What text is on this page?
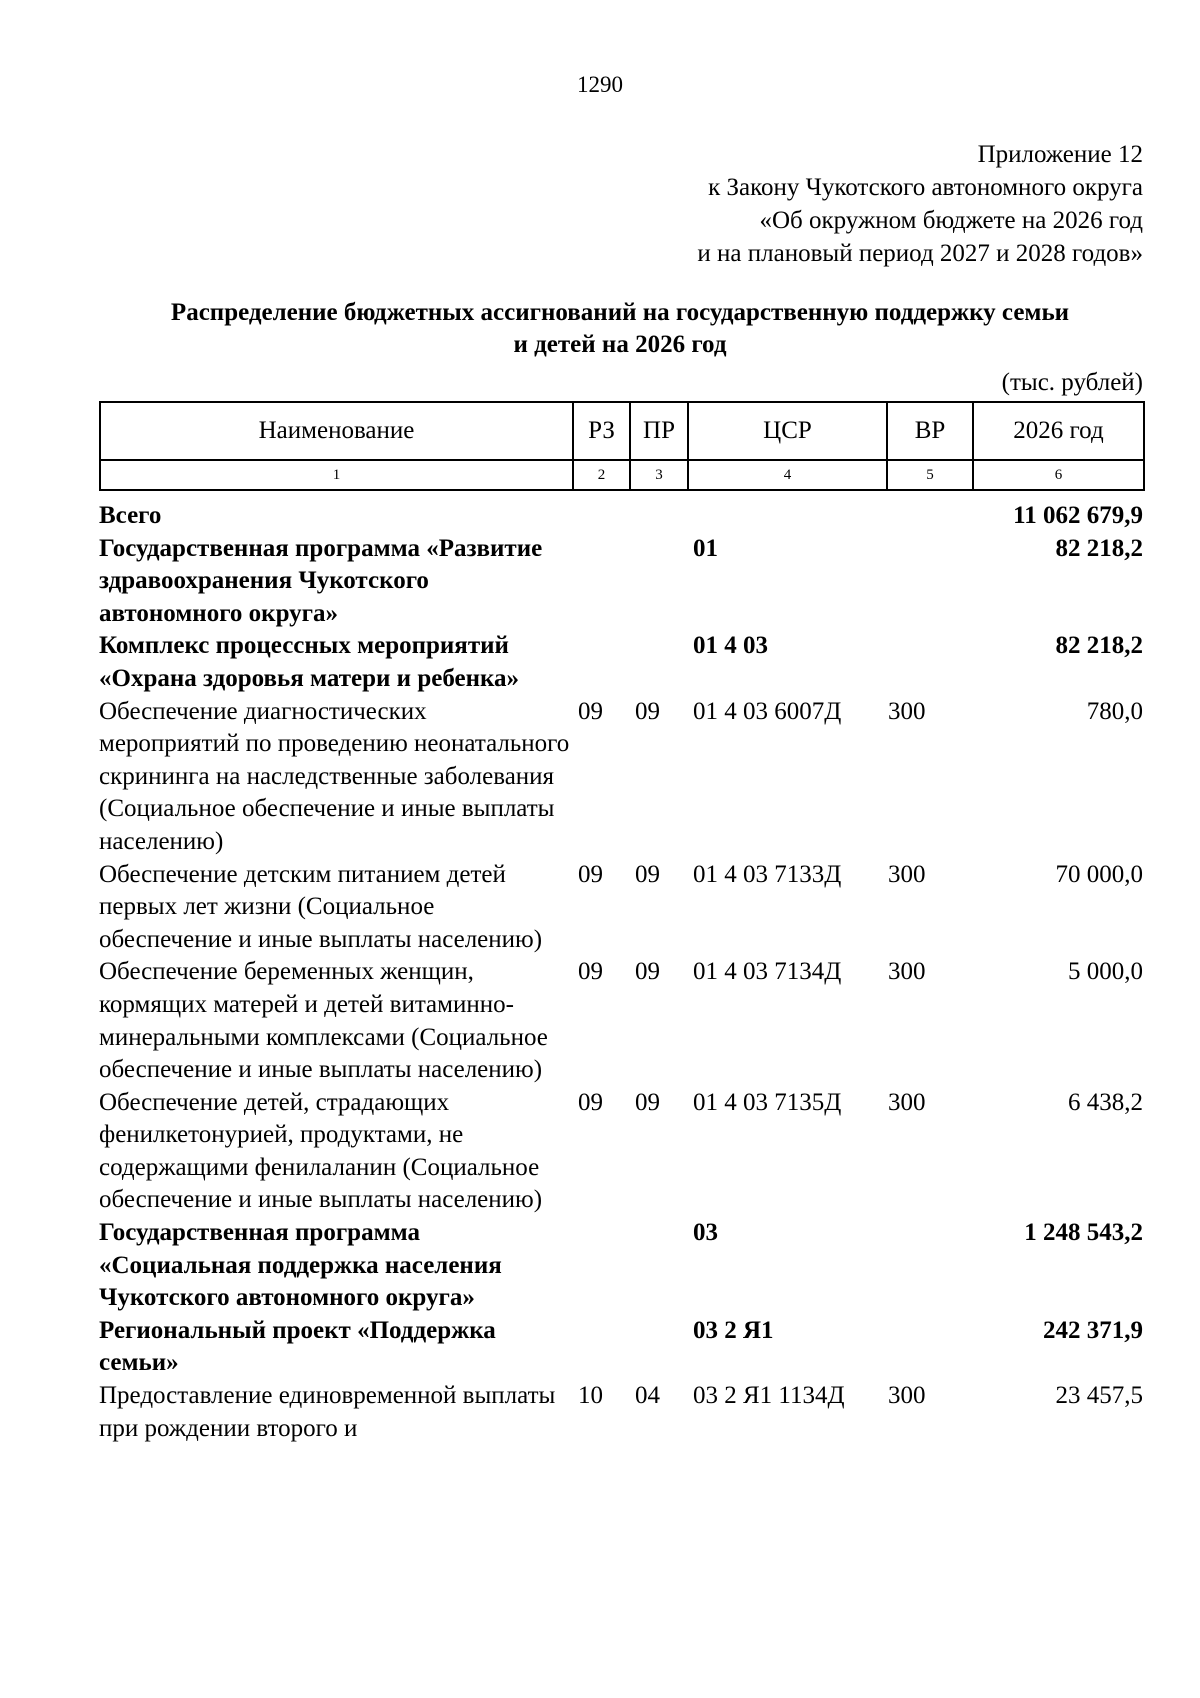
1290
Приложение 12
к Закону Чукотского автономного округа
«Об окружном бюджете на 2026 год
и на плановый период 2027 и 2028 годов»
Распределение бюджетных ассигнований на государственную поддержку семьи
и детей на 2026 год
(тыс. рублей)
Наименование	РЗ	ПР	ЦСР	ВР	2026 год
1	2	3	4	5	6
Всего					11 062 679,9
Государственная программа «Развитие здравоохранения Чукотского автономного округа»			01		82 218,2
Комплекс процессных мероприятий «Охрана здоровья матери и ребенка»			01 4 03		82 218,2
Обеспечение диагностических мероприятий по проведению неонатального скрининга на наследственные заболевания (Социальное обеспечение и иные выплаты населению)	09	09	01 4 03 6007Д	300	780,0
Обеспечение детским питанием детей первых лет жизни (Социальное обеспечение и иные выплаты населению)	09	09	01 4 03 7133Д	300	70 000,0
Обеспечение беременных женщин, кормящих матерей и детей витаминно-минеральными комплексами (Социальное обеспечение и иные выплаты населению)	09	09	01 4 03 7134Д	300	5 000,0
Обеспечение детей, страдающих фенилкетонурией, продуктами, не содержащими фенилаланин (Социальное обеспечение и иные выплаты населению)	09	09	01 4 03 7135Д	300	6 438,2
Государственная программа «Социальная поддержка населения Чукотского автономного округа»			03		1 248 543,2
Региональный проект «Поддержка семьи»			03 2 Я1		242 371,9
Предоставление единовременной выплаты при рождении второго и	10	04	03 2 Я1 1134Д	300	23 457,5
